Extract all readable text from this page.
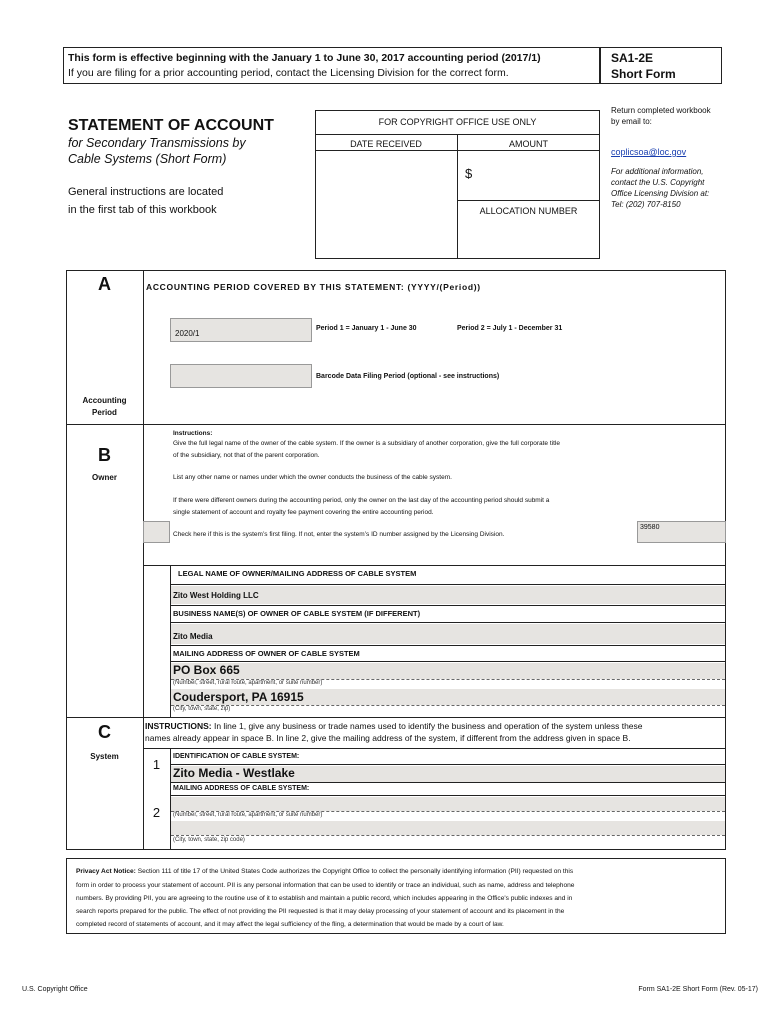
This form is effective beginning with the January 1 to June 30, 2017 accounting period (2017/1)
If you are filing for a prior accounting period, contact the Licensing Division for the correct form.
SA1-2E
Short Form
STATEMENT OF ACCOUNT
for Secondary Transmissions by
Cable Systems (Short Form)
General instructions are located
in the first tab of this workbook
FOR COPYRIGHT OFFICE USE ONLY
DATE RECEIVED	AMOUNT
$
ALLOCATION NUMBER
Return completed workbook
by email to:
coplicsoa@loc.gov
For additional information,
contact the U.S. Copyright
Office Licensing Division at:
Tel: (202) 707-8150
A	ACCOUNTING PERIOD COVERED BY THIS STATEMENT: (YYYY/(Period))
2020/1
Period 1 = January 1 - June 30	Period 2 = July 1 - December 31
Barcode Data Filing Period (optional - see instructions)
Accounting
Period
B
Owner
Instructions:
Give the full legal name of the owner of the cable system. If the owner is a subsidiary of another corporation, give the full corporate title
of the subsidiary, not that of the parent corporation.
List any other name or names under which the owner conducts the business of the cable system.
If there were different owners during the accounting period, only the owner on the last day of the accounting period should submit a
single statement of account and royalty fee payment covering the entire accounting period.
Check here if this is the system’s first filing. If not, enter the system’s ID number assigned by the Licensing Division.
39580
LEGAL NAME OF OWNER/MAILING ADDRESS OF CABLE SYSTEM
Zito West Holding LLC
BUSINESS NAME(S) OF OWNER OF CABLE SYSTEM (IF DIFFERENT)
Zito Media
MAILING ADDRESS OF OWNER OF CABLE SYSTEM
PO Box 665
(Number, street, rural route, apartment, or suite number)
Coudersport, PA 16915
(City, town, state, zip)
C
System
INSTRUCTIONS: In line 1, give any business or trade names used to identify the business and operation of the system unless these
names already appear in space B. In line 2, give the mailing address of the system, if different from the address given in space B.
1
IDENTIFICATION OF CABLE SYSTEM:
Zito Media - Westlake
MAILING ADDRESS OF CABLE SYSTEM:
2	(Number, street, rural route, apartment, or suite number)
(City, town, state, zip code)
Privacy Act Notice: Section 111 of title 17 of the United States Code authorizes the Copyright Office to collect the personally identifying information (PII) requested on this
form in order to process your statement of account. PII is any personal information that can be used to identify or trace an individual, such as name, address and telephone
numbers. By providing PII, you are agreeing to the routine use of it to establish and maintain a public record, which includes appearing in the Office's public indexes and in
search reports prepared for the public. The effect of not providing the PII requested is that it may delay processing of your statement of account and its placement in the
completed record of statements of account, and it may affect the legal sufficiency of the fling, a determination that would be made by a court of law.
U.S. Copyright Office	Form SA1-2E Short Form (Rev. 05-17)
